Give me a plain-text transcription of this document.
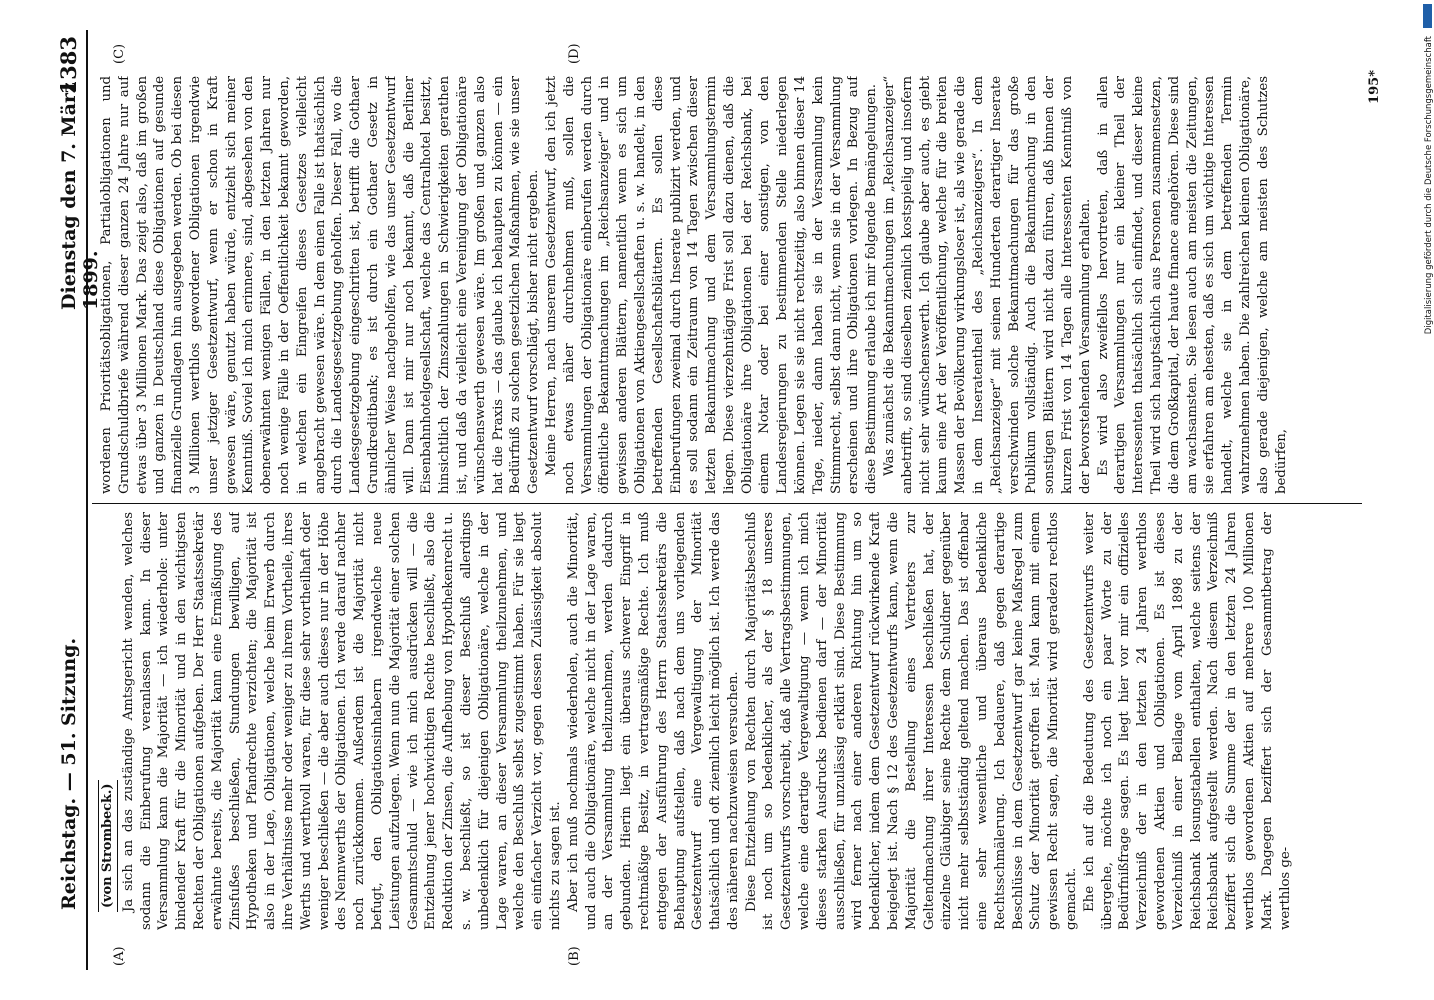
Reichstag. — 51. Sitzung.
Dienstag den 7. März 1899.
1383
(A)	(B)
(C)	(D)

(von Strombeck.) Ja sich an das zuständige Amtsgericht wenden, welches sodann die Einberufung veranlassen kann. In dieser Versammlung kann die Majorität — ich wiederhole: unter bindender Kraft für die Minorität und in den wichtigsten Rechten der Obligationen aufgeben. Der Herr Staatssekretär erwähnte bereits, die Majorität kann eine Ermäßigung des Zinsfußes beschließen, Stundungen bewilligen, auf Hypotheken und Pfandrechte verzichten; die Majorität ist also in der Lage, Obligationen, welche beim Erwerb durch ihre Verhältnisse mehr oder weniger zu ihrem Vortheile, ihres Werths und werthvoll waren, für diese sehr vortheilhaft oder weniger beschließen — die aber auch dieses nur in der Höhe des Nennwerths der Obligationen. Ich werde darauf nachher noch zurückkommen. Außerdem ist die Majorität nicht befugt, den Obligationsinhabern irgendwelche neue Leistungen aufzulegen. Wenn nun die Majorität einer solchen Gesammtschuld — wie ich mich ausdrücken will — die Entziehung jener hochwichtigen Rechte beschließt, also die Reduktion der Zinsen, die Aufhebung von Hypothekenrecht u. s. w. beschließt, so ist dieser Beschluß allerdings unbedenklich für diejenigen Obligationäre, welche in der Lage waren, an dieser Versammlung theilzunehmen, und welche den Beschluß selbst zugestimmt haben. Für sie liegt ein einfacher Verzicht vor, gegen dessen Zulässigkeit absolut nichts zu sagen ist. Aber ich muß nochmals wiederholen, auch die Minorität, und auch die Obligationäre, welche nicht in der Lage waren, an der Versammlung theilzunehmen, werden dadurch gebunden. Hierin liegt ein überaus schwerer Eingriff in rechtmäßige Besitz, in vertragsmäßige Rechte. Ich muß entgegen der Ausführung des Herrn Staatssekretärs die Behauptung aufstellen, daß nach dem uns vorliegenden Gesetzentwurf eine Vergewaltigung der Minorität thatsächlich und oft ziemlich leicht möglich ist. Ich werde das des näheren nachzuweisen versuchen. Diese Entziehung von Rechten durch Majoritätsbeschluß ist noch um so bedenklicher, als der § 18 unseres Gesetzentwurfs vorschreibt, daß alle Vertragsbestimmungen, welche eine derartige Vergewaltigung — wenn ich mich dieses starken Ausdrucks bedienen darf — der Minorität ausschließen, für unzulässig erklärt sind. Diese Bestimmung wird ferner nach einer anderen Richtung hin um so bedenklicher, indem dem Gesetzentwurf rückwirkende Kraft beigelegt ist. Nach § 12 des Gesetzentwurfs kann, wenn die Majorität die Bestellung eines Vertreters zur Geltendmachung ihrer Interessen beschließen hat, der einzelne Gläubiger seine Rechte dem Schuldner gegenüber nicht mehr selbstständig geltend machen. Das ist offenbar eine sehr wesentliche und überaus bedenkliche Rechtsschmälerung. Ich bedauere, daß gegen derartige Beschlüsse in dem Gesetzentwurf gar keine Maßregel zum Schutz der Minorität getroffen ist. Man kann mit einem gewissen Recht sagen, die Minorität wird geradezu rechtlos gemacht. Ehe ich auf die Bedeutung des Gesetzentwurfs weiter übergehe, möchte ich noch ein paar Worte zu der Bedürfnißfrage sagen. Es liegt hier vor mir ein offizielles Verzeichniß der in den letzten 24 Jahren werthlos gewordenen Aktien und Obligationen. Es ist dieses Verzeichniß in einer Beilage vom April 1898 zu der Reichsbank losungstabellen enthalten, welche seitens der Reichsbank aufgestellt werden. Nach diesem Verzeichniß beziffert sich die Summe der in den letzten 24 Jahren werthlos gewordenen Aktien auf mehrere 100 Millionen Mark. Dagegen beziffert sich der Gesammtbetrag der werthlos ge-

wordenen Prioritätsobligationen, Partialobligationen und Grundschuldbriefe während dieser ganzen 24 Jahre nur auf etwas über 3 Millionen Mark. Das zeigt also, daß im großen und ganzen in Deutschland diese Obligationen auf gesunde finanzielle Grundlagen hin ausgegeben werden. Ob bei diesen 3 Millionen werthlos gewordener Obligationen irgendwie unser jetziger Gesetzentwurf, wenn er schon in Kraft gewesen wäre, genutzt haben würde, entzieht sich meiner Kenntniß. Soviel ich mich erinnere, sind, abgesehen von den obenerwähnten wenigen Fällen, in den letzten Jahren nur noch wenige Fälle in der Oeffentlichkeit bekannt geworden, in welchen ein Eingreifen dieses Gesetzes vielleicht angebracht gewesen wäre. In dem einen Falle ist thatsächlich durch die Landesgesetzgebung geholfen. Dieser Fall, wo die Landesgesetzgebung eingeschritten ist, betrifft die Gothaer Grundkreditbank; es ist durch ein Gothaer Gesetz in ähnlicher Weise nachgeholfen, wie das unser Gesetzentwurf will. Dann ist mir nur noch bekannt, daß die Berliner Eisenbahnhotelgesellschaft, welche das Centralhotel besitzt, hinsichtlich der Zinszahlungen in Schwierigkeiten gerathen ist, und daß da vielleicht eine Vereinigung der Obligationäre wünschenswerth gewesen wäre. Im großen und ganzen also hat die Praxis — das glaube ich behaupten zu können — ein Bedürfniß zu solchen gesetzlichen Maßnahmen, wie sie unser Gesetzentwurf vorschlägt, bisher nicht ergeben. Meine Herren, nach unserem Gesetzentwurf, den ich jetzt noch etwas näher durchnehmen muß, sollen die Versammlungen der Obligationäre einberufen werden durch öffentliche Bekanntmachungen im „Reichsanzeiger“ und in gewissen anderen Blättern, namentlich wenn es sich um Obligationen von Aktiengesellschaften u. s. w. handelt, in den betreffenden Gesellschaftsblättern. Es sollen diese Einberufungen zweimal durch Inserate publizirt werden, und es soll sodann ein Zeitraum von 14 Tagen zwischen dieser letzten Bekanntmachung und dem Versammlungstermin liegen. Diese vierzehntägige Frist soll dazu dienen, daß die Obligationäre ihre Obligationen bei der Reichsbank, bei einem Notar oder bei einer sonstigen, von den Landesregierungen zu bestimmenden Stelle niederlegen können. Legen sie sie nicht rechtzeitig, also binnen dieser 14 Tage, nieder, dann haben sie in der Versammlung kein Stimmrecht, selbst dann nicht, wenn sie in der Versammlung erscheinen und ihre Obligationen vorlegen. In Bezug auf diese Bestimmung erlaube ich mir folgende Bemängelungen. Was zunächst die Bekanntmachungen im „Reichsanzeiger“ anbetrifft, so sind dieselben ziemlich kostspielig und insofern nicht sehr wünschenswerth. Ich glaube aber auch, es giebt kaum eine Art der Veröffentlichung, welche für die breiten Massen der Bevölkerung wirkungsloser ist, als wie gerade die in dem Inseratentheil des „Reichsanzeigers“. In dem „Reichsanzeiger“ mit seinen Hunderten derartiger Inserate verschwinden solche Bekanntmachungen für das große Publikum vollständig. Auch die Bekanntmachung in den sonstigen Blättern wird nicht dazu führen, daß binnen der kurzen Frist von 14 Tagen alle Interessenten Kenntniß von der bevorstehenden Versammlung erhalten. Es wird also zweifellos hervortreten, daß in allen derartigen Versammlungen nur ein kleiner Theil der Interessenten thatsächlich sich einfindet, und dieser kleine Theil wird sich hauptsächlich aus Personen zusammensetzen, die dem Großkapital, der haute finance angehören. Diese sind am wachsamsten. Sie lesen auch am meisten die Zeitungen, sie erfahren am ehesten, daß es sich um wichtige Interessen handelt, welche sie in dem betreffenden Termin wahrzunehmen haben. Die zahlreichen kleinen Obligationäre, also gerade diejenigen, welche am meisten des Schutzes bedürfen,

195*	Digitalisierung gefördert durch die Deutsche Forschungsgemeinschaft
